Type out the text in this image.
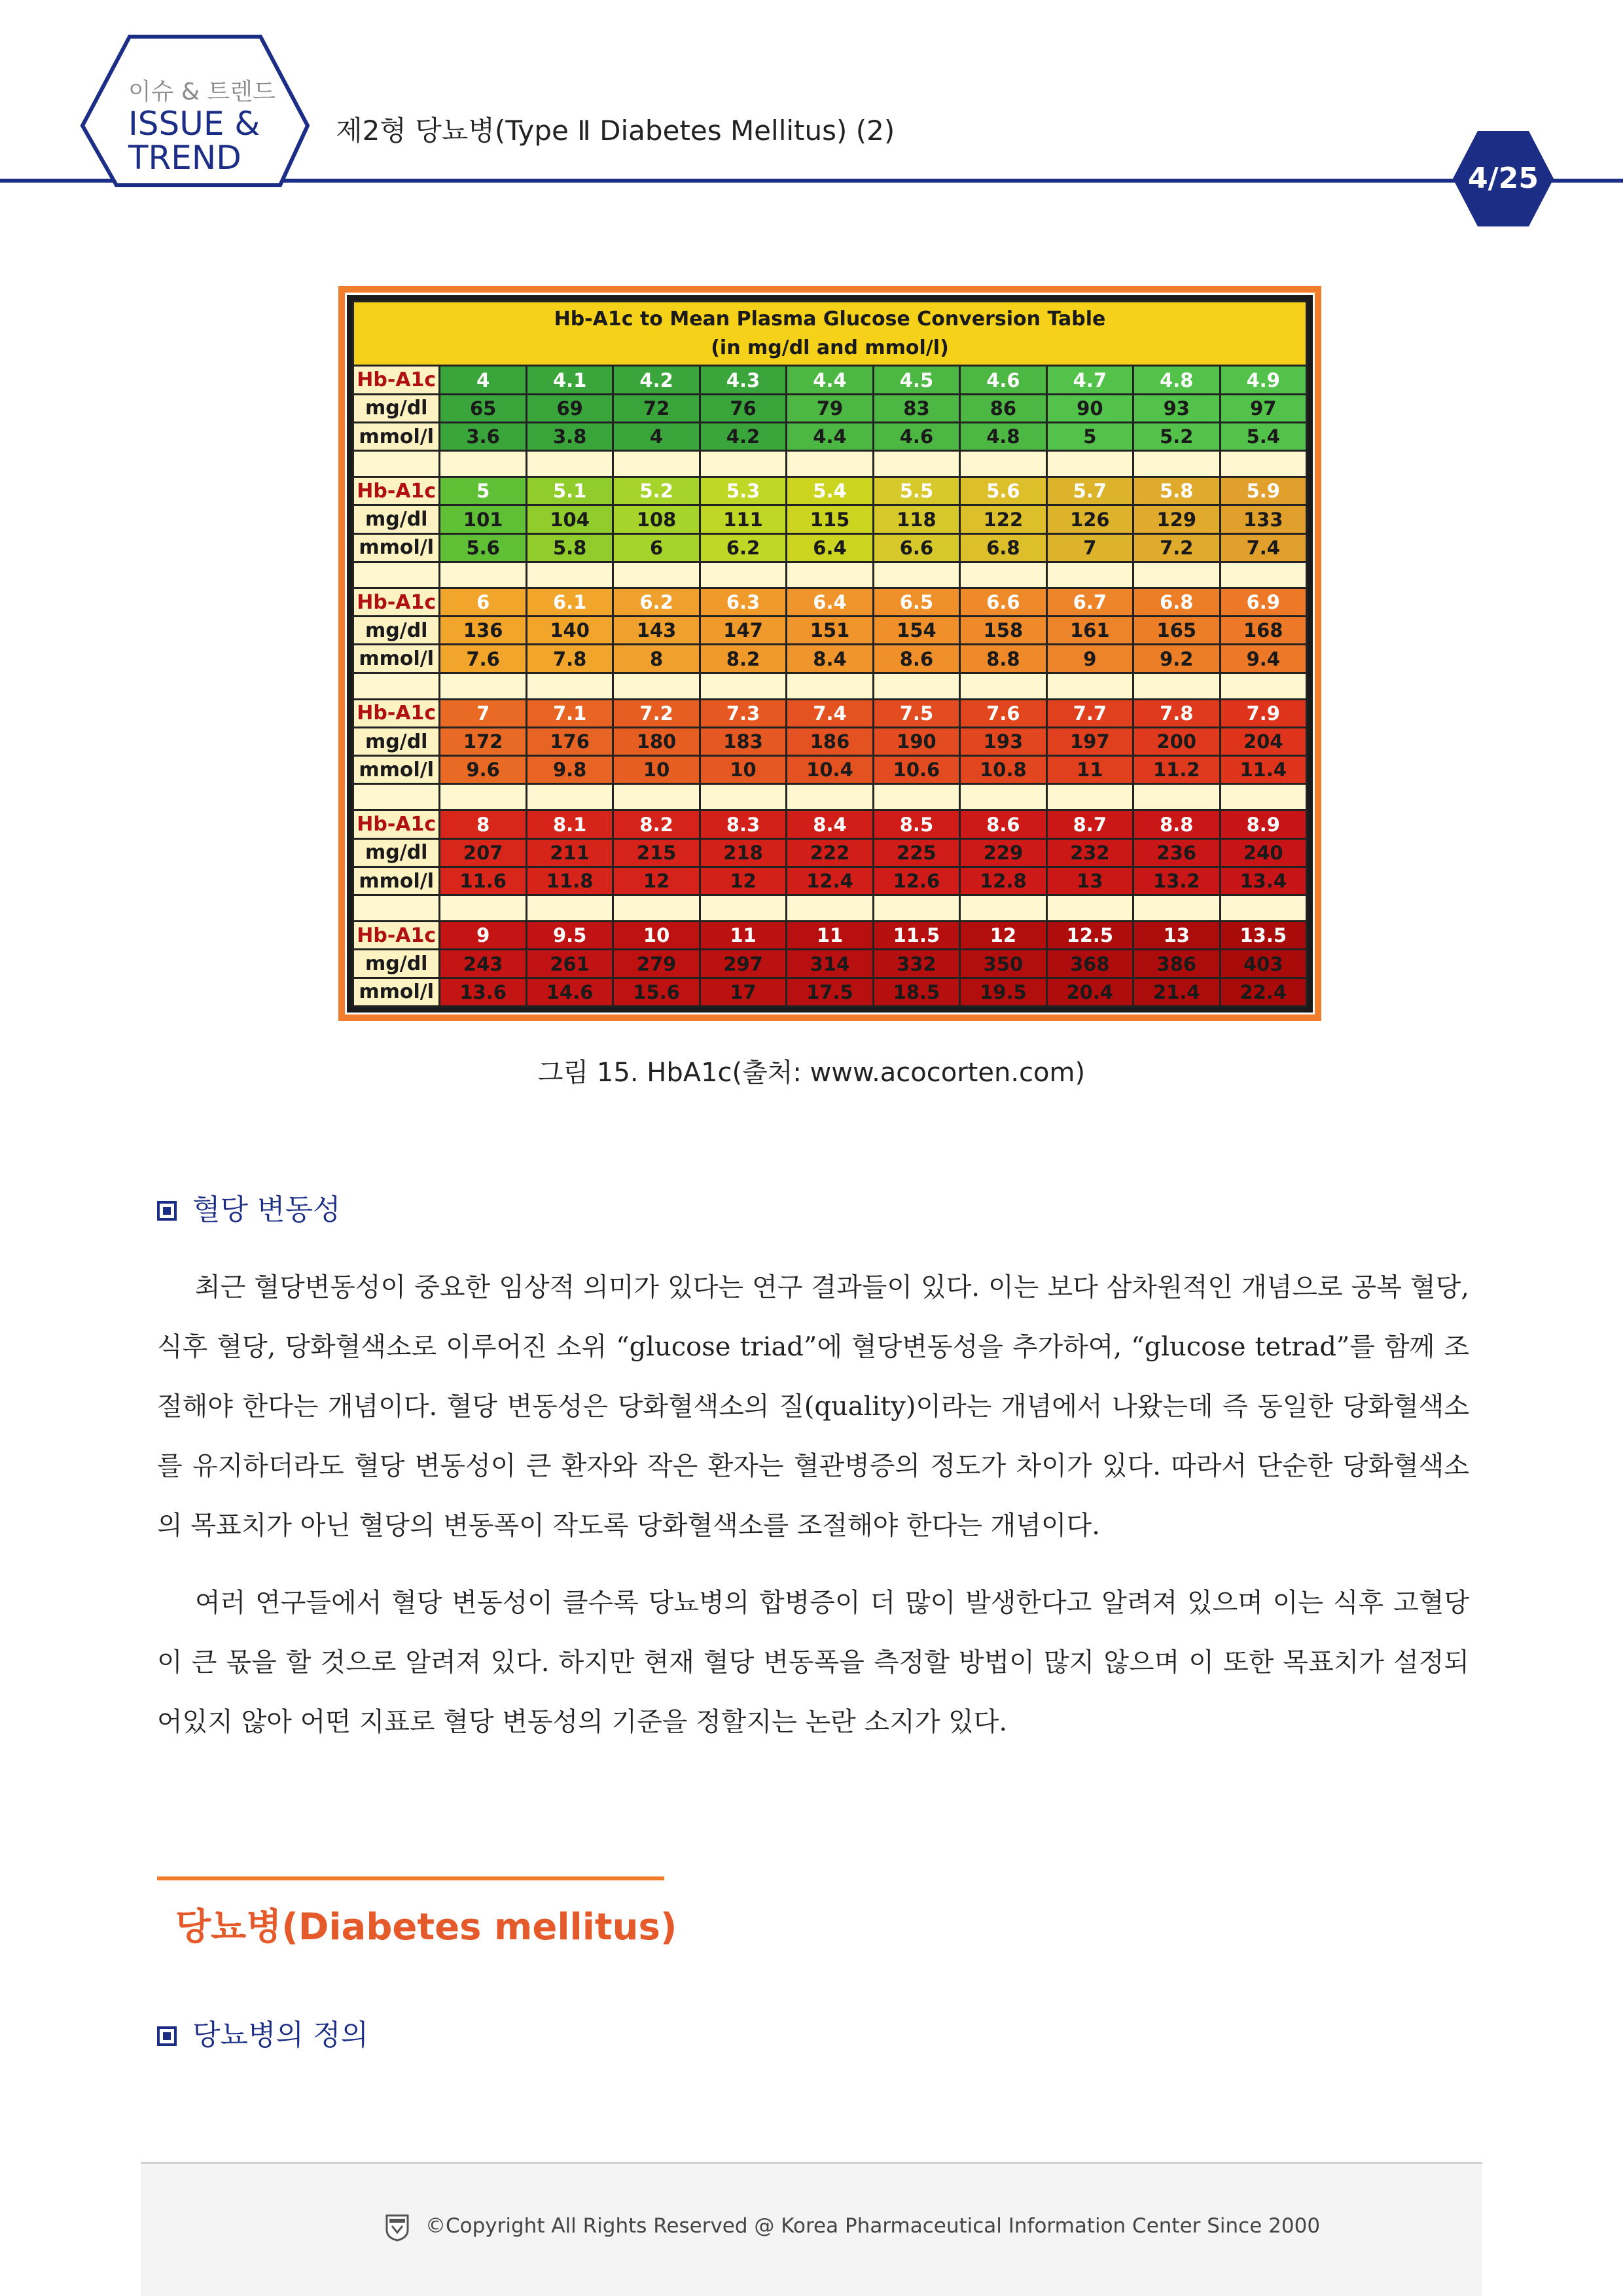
이슈 & 트렌드
ISSUE &
TREND
제2형 당뇨병(Type Ⅱ Diabetes Mellitus) (2)
4/25
Hb-A1c to Mean Plasma Glucose Conversion Table
(in mg/dl and mmol/l)										

Hb-A1c	4	4.1	4.2	4.3	4.4	4.5	4.6	4.7	4.8	4.9
mg/dl	65	69	72	76	79	83	86	90	93	97
mmol/l	3.6	3.8	4	4.2	4.4	4.6	4.8	5	5.2	5.4

Hb-A1c	5	5.1	5.2	5.3	5.4	5.5	5.6	5.7	5.8	5.9
mg/dl	101	104	108	111	115	118	122	126	129	133
mmol/l	5.6	5.8	6	6.2	6.4	6.6	6.8	7	7.2	7.4

Hb-A1c	6	6.1	6.2	6.3	6.4	6.5	6.6	6.7	6.8	6.9
mg/dl	136	140	143	147	151	154	158	161	165	168
mmol/l	7.6	7.8	8	8.2	8.4	8.6	8.8	9	9.2	9.4

Hb-A1c	7	7.1	7.2	7.3	7.4	7.5	7.6	7.7	7.8	7.9
mg/dl	172	176	180	183	186	190	193	197	200	204
mmol/l	9.6	9.8	10	10	10.4	10.6	10.8	11	11.2	11.4

Hb-A1c	8	8.1	8.2	8.3	8.4	8.5	8.6	8.7	8.8	8.9
mg/dl	207	211	215	218	222	225	229	232	236	240
mmol/l	11.6	11.8	12	12	12.4	12.6	12.8	13	13.2	13.4

Hb-A1c	9	9.5	10	11	11	11.5	12	12.5	13	13.5
mg/dl	243	261	279	297	314	332	350	368	386	403
mmol/l	13.6	14.6	15.6	17	17.5	18.5	19.5	20.4	21.4	22.4
그림 15. HbA1c(출처: www.acocorten.com)
혈당 변동성

최근 혈당변동성이 중요한 임상적 의미가 있다는 연구 결과들이 있다. 이는 보다 삼차원적인 개념으로 공복 혈당, 식후 혈당, 당화혈색소로 이루어진 소위 “glucose triad”에 혈당변동성을 추가하여, “glucose tetrad”를 함께 조절해야 한다는 개념이다. 혈당 변동성은 당화혈색소의 질(quality)이라는 개념에서 나왔는데 즉 동일한 당화혈색소를 유지하더라도 혈당 변동성이 큰 환자와 작은 환자는 혈관병증의 정도가 차이가 있다. 따라서 단순한 당화혈색소의 목표치가 아닌 혈당의 변동폭이 작도록 당화혈색소를 조절해야 한다는 개념이다.

여러 연구들에서 혈당 변동성이 클수록 당뇨병의 합병증이 더 많이 발생한다고 알려져 있으며 이는 식후 고혈당이 큰 몫을 할 것으로 알려져 있다. 하지만 현재 혈당 변동폭을 측정할 방법이 많지 않으며 이 또한 목표치가 설정되어있지 않아 어떤 지표로 혈당 변동성의 기준을 정할지는 논란 소지가 있다.

당뇨병(Diabetes mellitus)
당뇨병의 정의
©Copyright All Rights Reserved @ Korea Pharmaceutical Information Center Since 2000
